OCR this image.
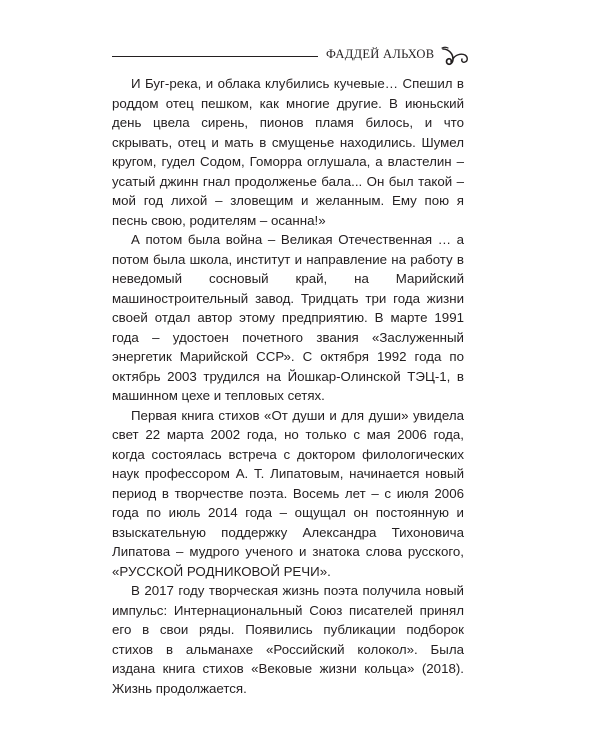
ФАДДЕЙ АЛЬХОВ

И Буг-река, и облака клубились кучевые… Спешил в роддом отец пешком, как многие другие. В июньский день цвела сирень, пионов пламя билось, и что скрывать, отец и мать в смущенье находились. Шумел кругом, гудел Содом, Гоморра оглушала, а властелин – усатый джинн гнал продолженье бала... Он был такой – мой год лихой – зловещим и желанным. Ему пою я песнь свою, родителям – осанна!»

А потом была война – Великая Отечественная … а потом была школа, институт и направление на работу в неведомый сосновый край, на Марийский машиностроительный завод. Тридцать три года жизни своей отдал автор этому предприятию. В марте 1991 года – удостоен почетного звания «Заслуженный энергетик Марийской ССР». С октября 1992 года по октябрь 2003 трудился на Йошкар-Олинской ТЭЦ-1, в машинном цехе и тепловых сетях.

Первая книга стихов «От души и для души» увидела свет 22 марта 2002 года, но только с мая 2006 года, когда состоялась встреча с доктором филологических наук профессором А. Т. Липатовым, начинается новый период в творчестве поэта. Восемь лет – с июля 2006 года по июль 2014 года – ощущал он постоянную и взыскательную поддержку Александра Тихоновича Липатова – мудрого ученого и знатока слова русского, «РУССКОЙ РОДНИКОВОЙ РЕЧИ».

В 2017 году творческая жизнь поэта получила новый импульс: Интернациональный Союз писателей принял его в свои ряды. Появились публикации подборок стихов в альманахе «Российский колокол». Была издана книга стихов «Вековые жизни кольца» (2018). Жизнь продолжается.
